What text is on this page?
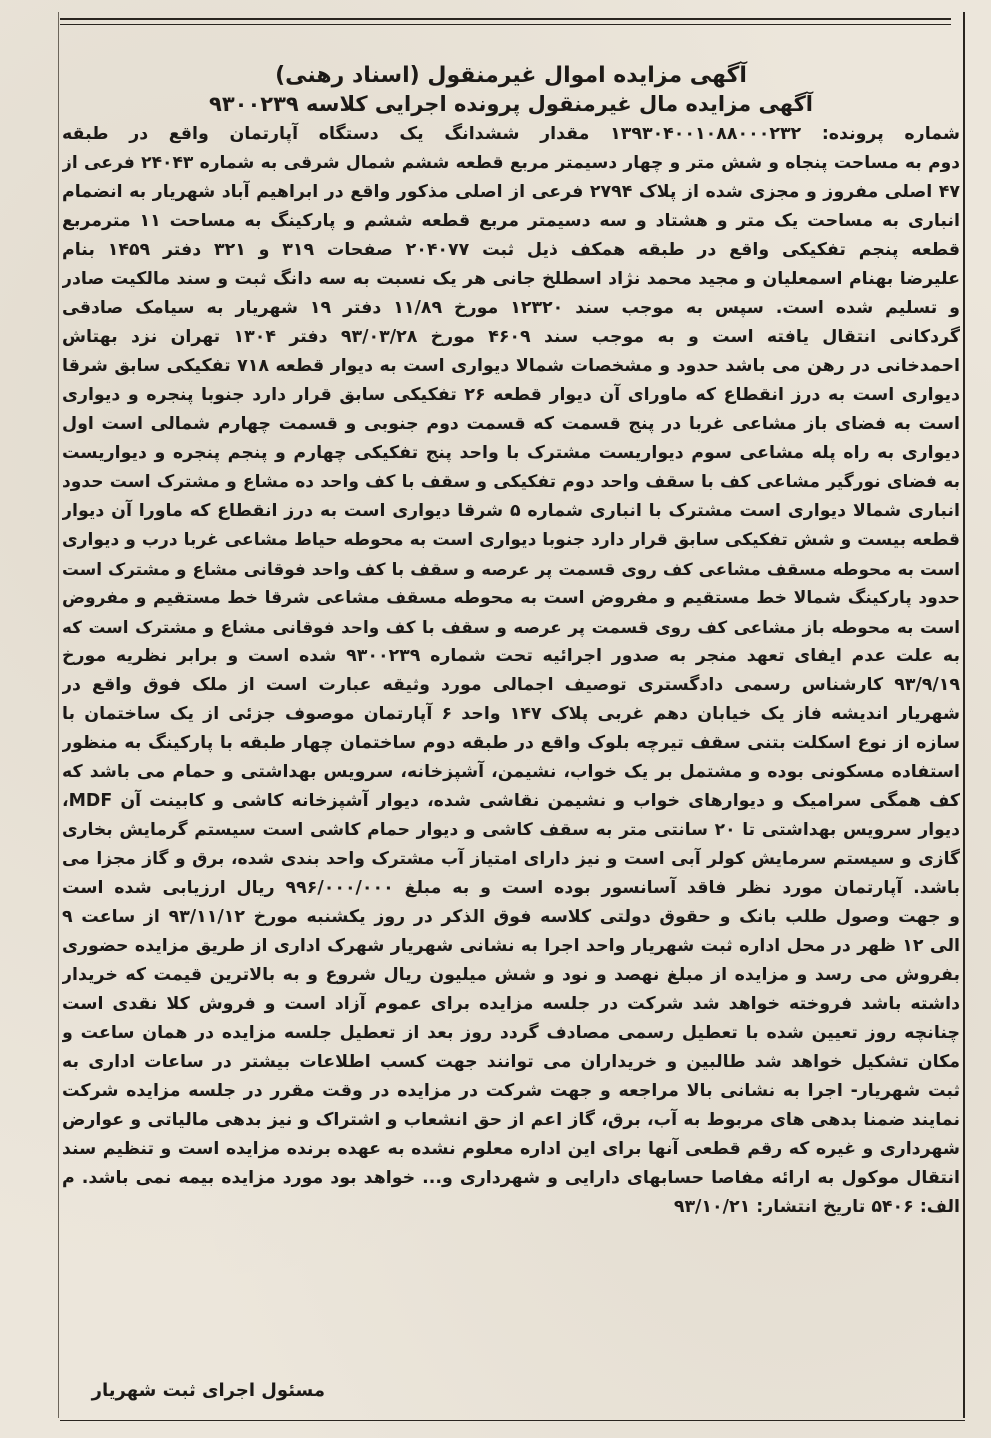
آگهی مزایده اموال غیرمنقول (اسناد رهنی)

آگهی مزایده مال غیرمنقول پرونده اجرایی کلاسه ۹۳۰۰۲۳۹

شماره پرونده: ۱۳۹۳۰۴۰۰۱۰۸۸۰۰۰۲۳۲ مقدار ششدانگ یک دستگاه آپارتمان واقع در طبقه
دوم به مساحت پنجاه و شش متر و چهار دسیمتر مربع قطعه ششم شمال شرقی به شماره ۲۴۰۴۳ فرعی از
۴۷ اصلی مفروز و مجزی شده از پلاک ۲۷۹۴ فرعی از اصلی مذکور واقع در ابراهیم آباد شهریار به انضمام
انباری به مساحت یک متر و هشتاد و سه دسیمتر مربع قطعه ششم و پارکینگ به مساحت ۱۱ مترمربع
قطعه پنجم تفکیکی واقع در طبقه همکف ذیل ثبت ۲۰۴۰۷۷ صفحات ۳۱۹ و ۳۲۱ دفتر ۱۴۵۹ بنام
علیرضا بهنام اسمعلیان و مجید محمد نژاد اسطلخ جانی هر یک نسبت به سه دانگ ثبت و سند مالکیت صادر
و تسلیم شده است. سپس به موجب سند ۱۲۳۲۰ مورخ ۱۱/۸۹ دفتر ۱۹ شهریار به سیامک صادقی
گردکانی انتقال یافته است و به موجب سند ۴۶۰۹ مورخ ۹۳/۰۳/۲۸ دفتر ۱۳۰۴ تهران نزد بهتاش
احمدخانی در رهن می باشد حدود و مشخصات شمالا دیواری است به دیوار قطعه ۷۱۸ تفکیکی سابق شرقا
دیواری است به درز انقطاع که ماورای آن دیوار قطعه ۲۶ تفکیکی سابق قرار دارد جنوبا پنجره و دیواری
است به فضای باز مشاعی غربا در پنج قسمت که قسمت دوم جنوبی و قسمت چهارم شمالی است اول
دیواری به راه پله مشاعی سوم دیواریست مشترک با واحد پنج تفکیکی چهارم و پنجم پنجره و دیواریست
به فضای نورگیر مشاعی کف با سقف واحد دوم تفکیکی و سقف با کف واحد ده مشاع و مشترک است حدود
انباری شمالا دیواری است مشترک با انباری شماره ۵ شرقا دیواری است به درز انقطاع که ماورا آن دیوار
قطعه بیست و شش تفکیکی سابق قرار دارد جنوبا دیواری است به محوطه حیاط مشاعی غربا درب و دیواری
است به محوطه مسقف مشاعی کف روی قسمت پر عرصه و سقف با کف واحد فوقانی مشاع و مشترک است
حدود پارکینگ شمالا خط مستقیم و مفروض است به محوطه مسقف مشاعی شرقا خط مستقیم و مفروض
است به محوطه باز مشاعی کف روی قسمت پر عرصه و سقف با کف واحد فوقانی مشاع و مشترک است که
به علت عدم ایفای تعهد منجر به صدور اجرائیه تحت شماره ۹۳۰۰۲۳۹ شده است و برابر نظریه مورخ
۹۳/۹/۱۹ کارشناس رسمی دادگستری توصیف اجمالی مورد وثیقه عبارت است از ملک فوق واقع در
شهریار اندیشه فاز یک خیابان دهم غربی پلاک ۱۴۷ واحد ۶ آپارتمان موصوف جزئی از یک ساختمان با
سازه از نوع اسکلت بتنی سقف تیرچه بلوک واقع در طبقه دوم ساختمان چهار طبقه با پارکینگ به منظور
استفاده مسکونی بوده و مشتمل بر یک خواب، نشیمن، آشپزخانه، سرویس بهداشتی و حمام می باشد که
کف همگی سرامیک و دیوارهای خواب و نشیمن نقاشی شده، دیوار آشپزخانه کاشی و کابینت آن MDF،
دیوار سرویس بهداشتی تا ۲۰ سانتی متر به سقف کاشی و دیوار حمام کاشی است سیستم گرمایش بخاری
گازی و سیستم سرمایش کولر آبی است و نیز دارای امتیاز آب مشترک واحد بندی شده، برق و گاز مجزا می
باشد. آپارتمان مورد نظر فاقد آسانسور بوده است و به مبلغ ۹۹۶/۰۰۰/۰۰۰ ریال ارزیابی شده است
و جهت وصول طلب بانک و حقوق دولتی کلاسه فوق الذکر در روز یکشنبه مورخ ۹۳/۱۱/۱۲ از ساعت ۹
الی ۱۲ ظهر در محل اداره ثبت شهریار واحد اجرا به نشانی شهریار شهرک اداری از طریق مزایده حضوری
بفروش می رسد و مزایده از مبلغ نهصد و نود و شش میلیون ریال شروع و به بالاترین قیمت که خریدار
داشته باشد فروخته خواهد شد شرکت در جلسه مزایده برای عموم آزاد است و فروش کلا نقدی است
چنانچه روز تعیین شده با تعطیل رسمی مصادف گردد روز بعد از تعطیل جلسه مزایده در همان ساعت و
مکان تشکیل خواهد شد طالبین و خریداران می توانند جهت کسب اطلاعات بیشتر در ساعات اداری به
ثبت شهریار- اجرا به نشانی بالا مراجعه و جهت شرکت در مزایده در وقت مقرر در جلسه مزایده شرکت
نمایند ضمنا بدهی های مربوط به آب، برق، گاز اعم از حق انشعاب و اشتراک و نیز بدهی مالیاتی و عوارض
شهرداری و غیره که رقم قطعی آنها برای این اداره معلوم نشده به عهده برنده مزایده است و تنظیم سند
انتقال موکول به ارائه مفاصا حسابهای دارایی و شهرداری و... خواهد بود مورد مزایده بیمه نمی باشد. م
الف: ۵۴۰۶ تاریخ انتشار: ۹۳/۱۰/۲۱
مسئول اجرای ثبت شهریار
